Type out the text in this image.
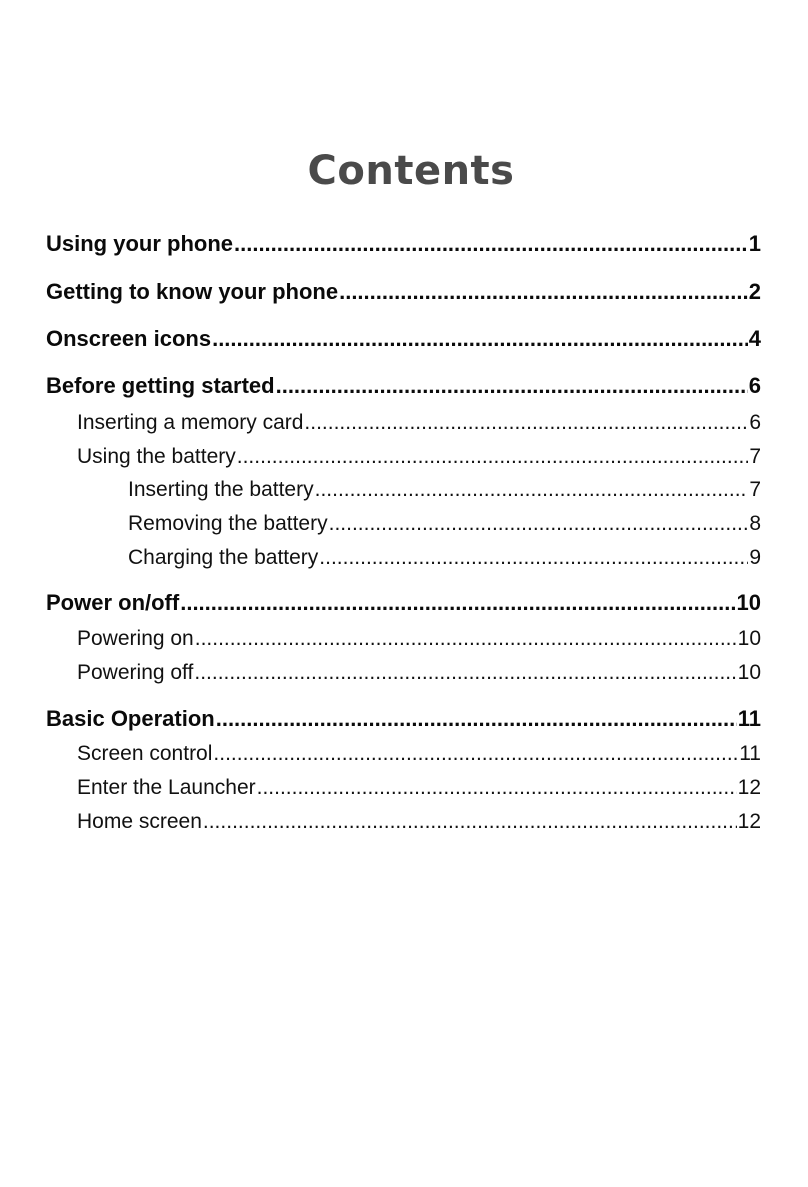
Contents
Using your phone .....	1
Getting to know your phone .....	2
Onscreen icons .....	4
Before getting started .....	6
Inserting a memory card .....	6
Using the battery .....	7
Inserting the battery .....	7
Removing the battery .....	8
Charging the battery .....	9
Power on/off .....	10
Powering on .....	10
Powering off .....	10
Basic Operation .....	11
Screen control .....	11
Enter the Launcher .....	12
Home screen .....	12
